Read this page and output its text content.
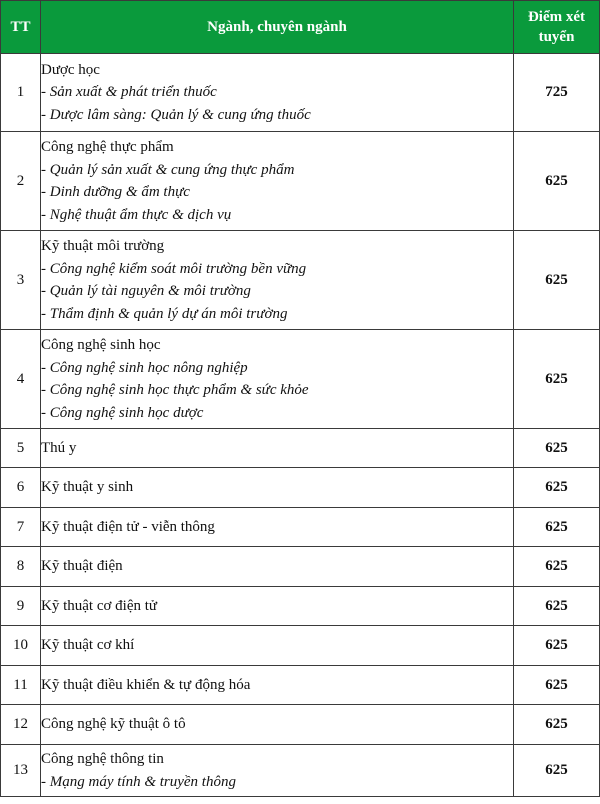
TT	Ngành, chuyên ngành	Điểm xét
tuyển
1	Dược học
- Sản xuất & phát triển thuốc
- Dược lâm sàng: Quản lý & cung ứng thuốc	725
2	Công nghệ thực phẩm
- Quản lý sản xuất & cung ứng thực phẩm
- Dinh dưỡng & ẩm thực
- Nghệ thuật ẩm thực & dịch vụ	625
3	Kỹ thuật môi trường
- Công nghệ kiểm soát môi trường bền vững
- Quản lý tài nguyên & môi trường
- Thẩm định & quản lý dự án môi trường	625
4	Công nghệ sinh học
- Công nghệ sinh học nông nghiệp
- Công nghệ sinh học thực phẩm & sức khỏe
- Công nghệ sinh học dược	625
5	Thú y	625
6	Kỹ thuật y sinh	625
7	Kỹ thuật điện tử - viễn thông	625
8	Kỹ thuật điện	625
9	Kỹ thuật cơ điện tử	625
10	Kỹ thuật cơ khí	625
11	Kỹ thuật điều khiển & tự động hóa	625
12	Công nghệ kỹ thuật ô tô	625
13	Công nghệ thông tin
- Mạng máy tính & truyền thông	625
